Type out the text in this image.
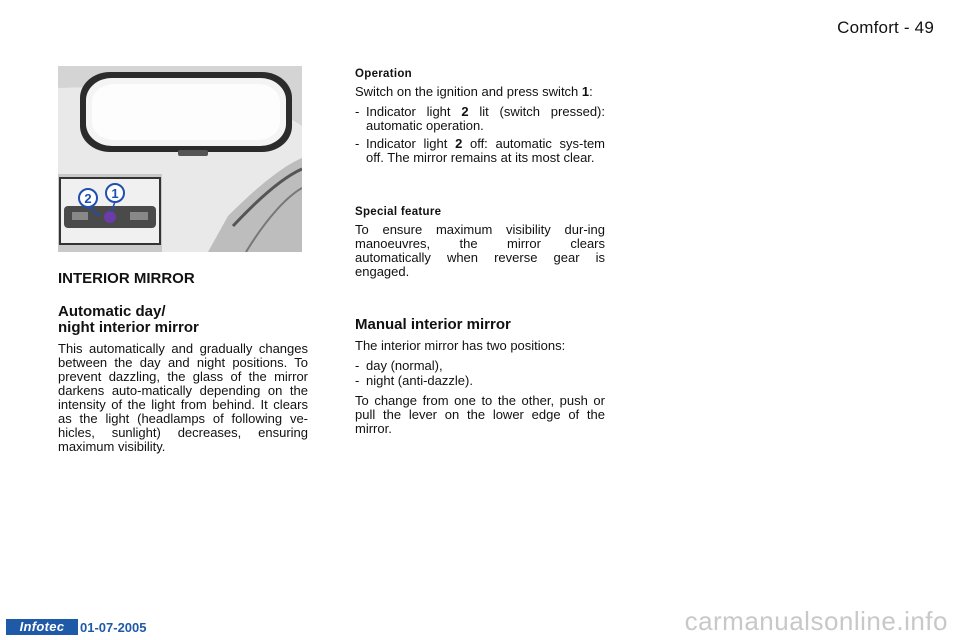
Comfort - 49
2 1
INTERIOR MIRROR
Automatic day/
night interior mirror

This automatically and gradually changes between the day and night positions. To prevent dazzling, the glass of the mirror darkens auto-matically depending on the intensity of the light from behind. It clears as the light (headlamps of following ve-hicles, sunlight) decreases, ensuring maximum visibility.

Operation

Switch on the ignition and press switch 1:

- Indicator light 2 lit (switch pressed): automatic operation.
- Indicator light 2 off: automatic sys-tem off. The mirror remains at its most clear.
Special feature

To ensure maximum visibility dur-ing manoeuvres, the mirror clears automatically when reverse gear is engaged.

Manual interior mirror

The interior mirror has two positions:

- day (normal),
- night (anti-dazzle).

To change from one to the other, push or pull the lever on the lower edge of the mirror.

Infotec	01-07-2005	carmanualsonline.info
